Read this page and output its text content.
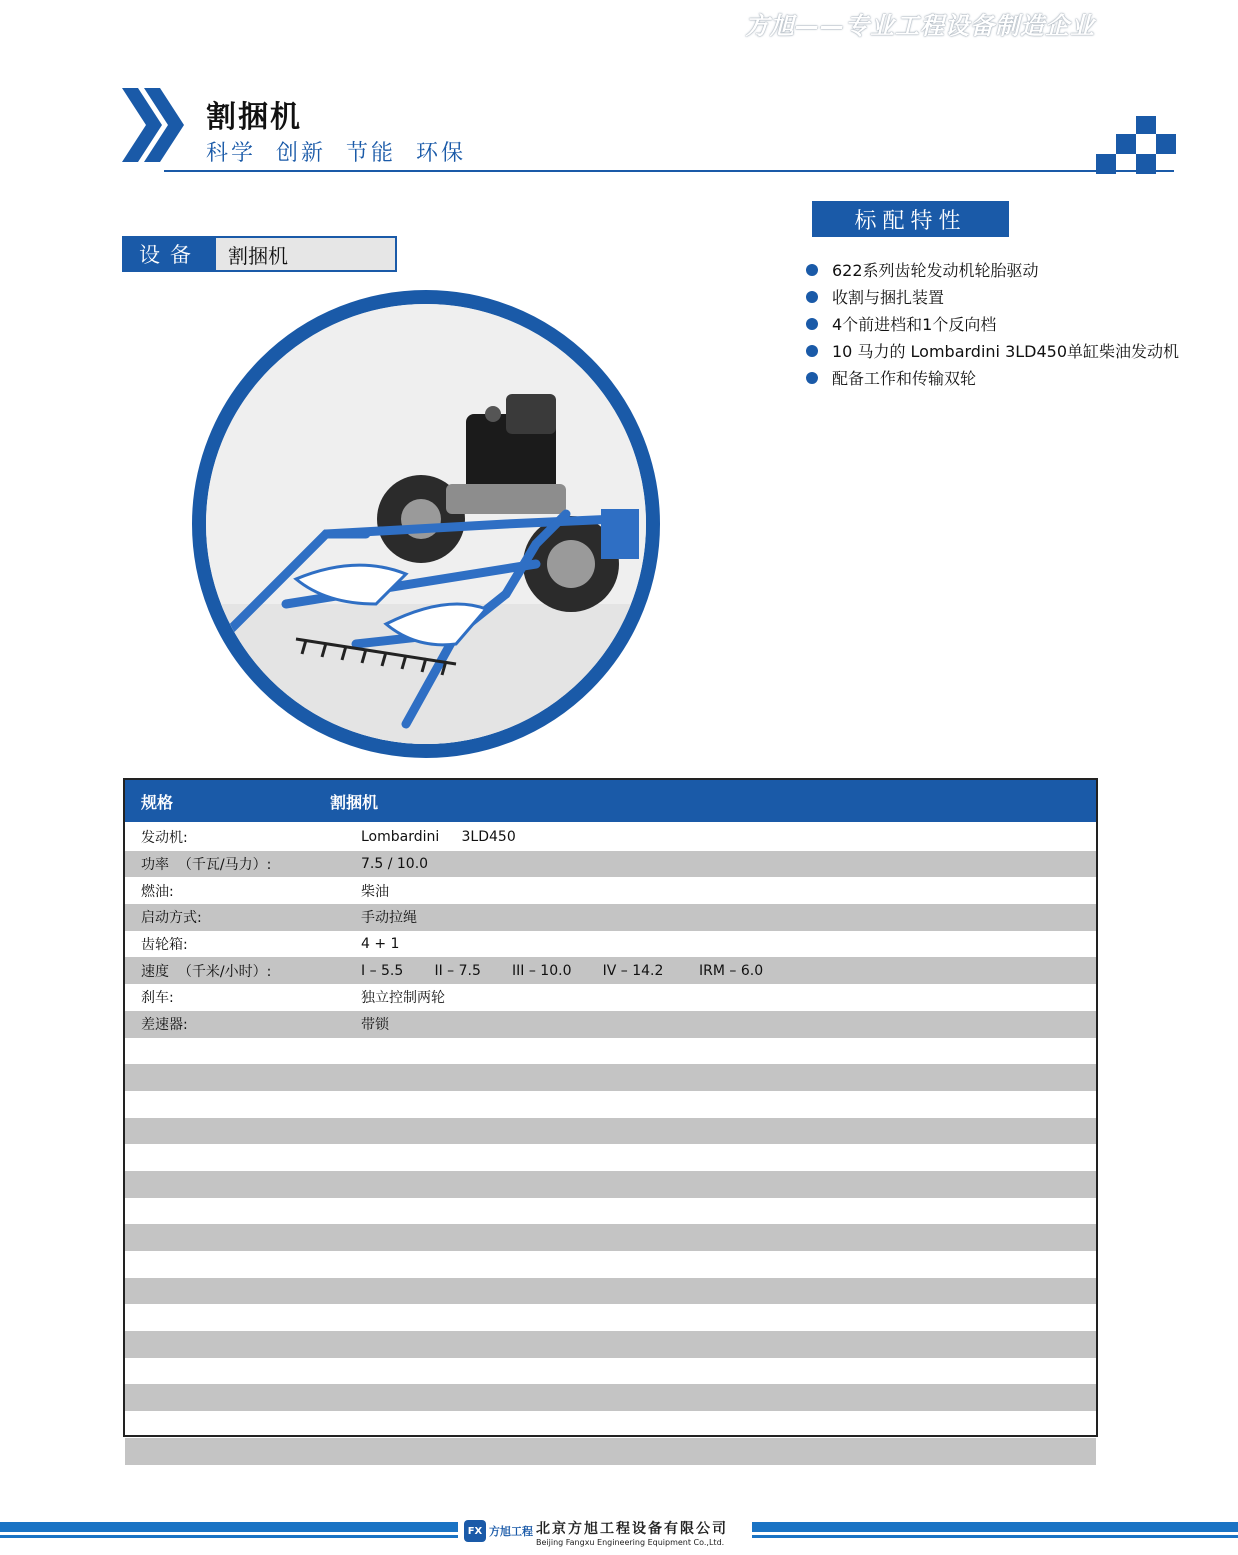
方旭——专业工程设备制造企业
割捆机
科学  创新  节能  环保
设备	割捆机
标配特性
622系列齿轮发动机轮胎驱动
收割与捆扎装置
4个前进档和1个反向档
10 马力的 Lombardini 3LD450单缸柴油发动机
配备工作和传输双轮
规格	割捆机
发动机:	Lombardini     3LD450
功率  （千瓦/马力）:	7.5 / 10.0
燃油:	柴油
启动方式:	手动拉绳
齿轮箱:	4 + 1
速度  （千米/小时）:	I – 5.5       II – 7.5       III – 10.0       IV – 14.2        IRM – 6.0
刹车:	独立控制两轮
差速器:	带锁
FX 方旭工程 北京方旭工程设备有限公司
Beijing Fangxu Engineering Equipment Co.,Ltd.
